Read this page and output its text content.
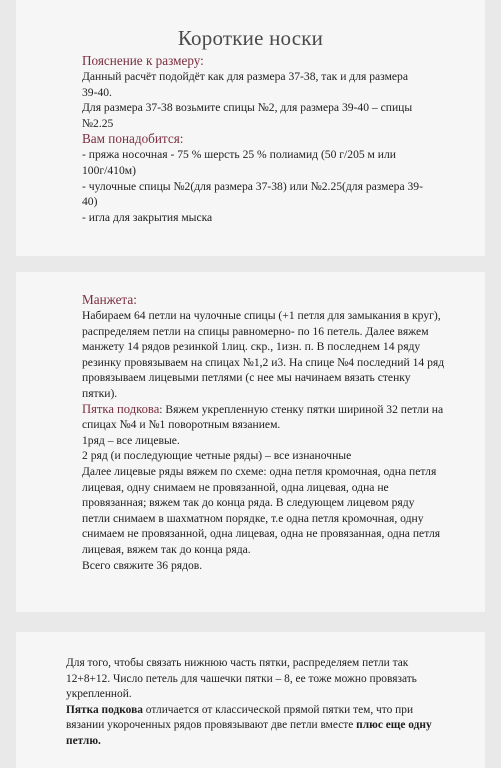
Короткие носки

Пояснение к размеру:

Данный расчёт подойдёт как для размера 37-38, так и для размера 39-40.

Для размера 37-38 возьмите спицы №2, для размера 39-40 – спицы №2.25

Вам понадобится:

- пряжа носочная - 75 % шерсть 25 % полиамид (50 г/205 м или 100г/410м)

- чулочные спицы №2(для размера 37-38) или №2.25(для размера 39-40)

- игла для закрытия мыска

Манжета:

Набираем 64 петли на чулочные спицы (+1 петля для замыкания в круг), распределяем петли на спицы равномерно- по 16 петель. Далее вяжем манжету 14 рядов резинкой 1лиц. скр., 1изн. п. В последнем 14 ряду резинку провязываем на спицах №1,2 и3. На спице №4 последний 14 ряд провязываем лицевыми петлями (с нее мы начинаем вязать стенку пятки).

Пятка подкова: Вяжем укрепленную стенку пятки шириной 32 петли на спицах №4 и №1 поворотным вязанием.

1ряд – все лицевые.

2 ряд (и последующие четные ряды) – все изнаночные

Далее лицевые ряды вяжем по схеме: одна петля кромочная, одна петля лицевая, одну снимаем не провязанной, одна лицевая, одна не провязанная; вяжем так до конца ряда. В следующем лицевом ряду петли снимаем в шахматном порядке, т.е одна петля кромочная, одну снимаем не провязанной, одна лицевая, одна не провязанная, одна петля лицевая, вяжем так до конца ряда.

Всего свяжите 36 рядов.

Для того, чтобы связать нижнюю часть пятки, распределяем петли так 12+8+12. Число петель для чашечки пятки – 8, ее тоже можно провязать укрепленной.

Пятка подкова отличается от классической прямой пятки тем, что при вязании укороченных рядов провязывают две петли вместе плюс еще одну петлю.
